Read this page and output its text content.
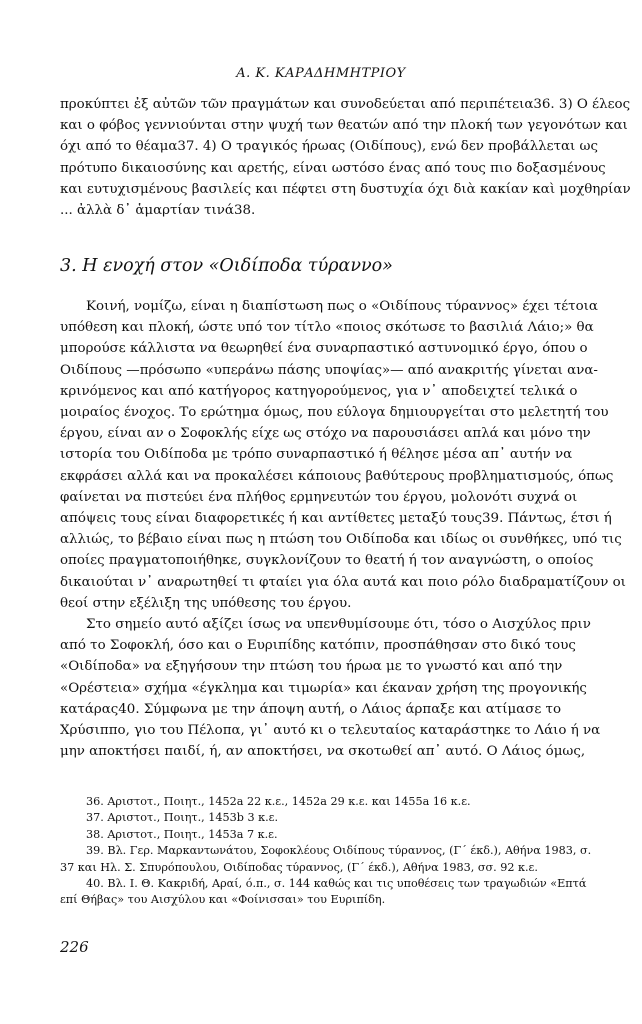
Α. Κ. ΚΑΡΑΔΗΜΗΤΡΙΟΥ
προκύπτει ἐξ αὐτῶν τῶν πραγμάτων και συνοδεύεται από περιπέτεια36. 3) Ο έλεος
και ο φόβος γεννιούνται στην ψυχή των θεατών από την πλοκή των γεγονότων και
όχι από το θέαμα37. 4) Ο τραγικός ήρωας (Οιδίπους), ενώ δεν προβάλλεται ως
πρότυπο δικαιοσύνης και αρετής, είναι ωστόσο ένας από τους πιο δοξασμένους
και ευτυχισμένους βασιλείς και πέφτει στη δυστυχία όχι διὰ κακίαν καὶ μοχθηρίαν
... ἀλλὰ δ᾿ ἁμαρτίαν τινά38.
3. Η ενοχή στον «Οιδίποδα τύραννο»
Κοινή, νομίζω, είναι η διαπίστωση πως ο «Οιδίπους τύραννος» έχει τέτοια
υπόθεση και πλοκή, ώστε υπό τον τίτλο «ποιος σκότωσε το βασιλιά Λάιο;» θα
μπορούσε κάλλιστα να θεωρηθεί ένα συναρπαστικό αστυνομικό έργο, όπου ο
Οιδίπους —πρόσωπο «υπεράνω πάσης υποψίας»— από ανακριτής γίνεται ανα-
κρινόμενος και από κατήγορος κατηγορούμενος, για ν᾿ αποδειχτεί τελικά ο
μοιραίος ένοχος. Το ερώτημα όμως, που εύλογα δημιουργείται στο μελετητή του
έργου, είναι αν ο Σοφοκλής είχε ως στόχο να παρουσιάσει απλά και μόνο την
ιστορία του Οιδίποδα με τρόπο συναρπαστικό ή θέλησε μέσα απ᾿ αυτήν να
εκφράσει αλλά και να προκαλέσει κάποιους βαθύτερους προβληματισμούς, όπως
φαίνεται να πιστεύει ένα πλήθος ερμηνευτών του έργου, μολονότι συχνά οι
απόψεις τους είναι διαφορετικές ή και αντίθετες μεταξύ τους39. Πάντως, έτσι ή
αλλιώς, το βέβαιο είναι πως η πτώση του Οιδίποδα και ιδίως οι συνθήκες, υπό τις
οποίες πραγματοποιήθηκε, συγκλονίζουν το θεατή ή τον αναγνώστη, ο οποίος
δικαιούται ν᾿ αναρωτηθεί τι φταίει για όλα αυτά και ποιο ρόλο διαδραματίζουν οι
θεοί στην εξέλιξη της υπόθεσης του έργου.
Στο σημείο αυτό αξίζει ίσως να υπενθυμίσουμε ότι, τόσο ο Αισχύλος πριν
από το Σοφοκλή, όσο και ο Ευριπίδης κατόπιν, προσπάθησαν στο δικό τους
«Οιδίποδα» να εξηγήσουν την πτώση του ήρωα με το γνωστό και από την
«Ορέστεια» σχήμα «έγκλημα και τιμωρία» και έκαναν χρήση της προγονικής
κατάρας40. Σύμφωνα με την άποψη αυτή, ο Λάιος άρπαξε και ατίμασε το
Χρύσιππο, γιο του Πέλοπα, γι᾿ αυτό κι ο τελευταίος καταράστηκε το Λάιο ή να
μην αποκτήσει παιδί, ή, αν αποκτήσει, να σκοτωθεί απ᾿ αυτό. Ο Λάιος όμως,
36. Αριστοτ., Ποιητ., 1452a 22 κ.ε., 1452a 29 κ.ε. και 1455a 16 κ.ε.
37. Αριστοτ., Ποιητ., 1453b 3 κ.ε.
38. Αριστοτ., Ποιητ., 1453a 7 κ.ε.
39. Βλ. Γερ. Μαρκαντωνάτου, Σοφοκλέους Οιδίπους τύραννος, (Γ΄ έκδ.), Αθήνα 1983, σ.
37 και Ηλ. Σ. Σπυρόπουλου, Οιδίποδας τύραννος, (Γ΄ έκδ.), Αθήνα 1983, σσ. 92 κ.ε.
40. Βλ. Ι. Θ. Κακριδή, Αραί, ό.π., σ. 144 καθώς και τις υποθέσεις των τραγωδιών «Επτά
επί Θήβας» του Αισχύλου και «Φοίνισσαι» του Ευριπίδη.
226
